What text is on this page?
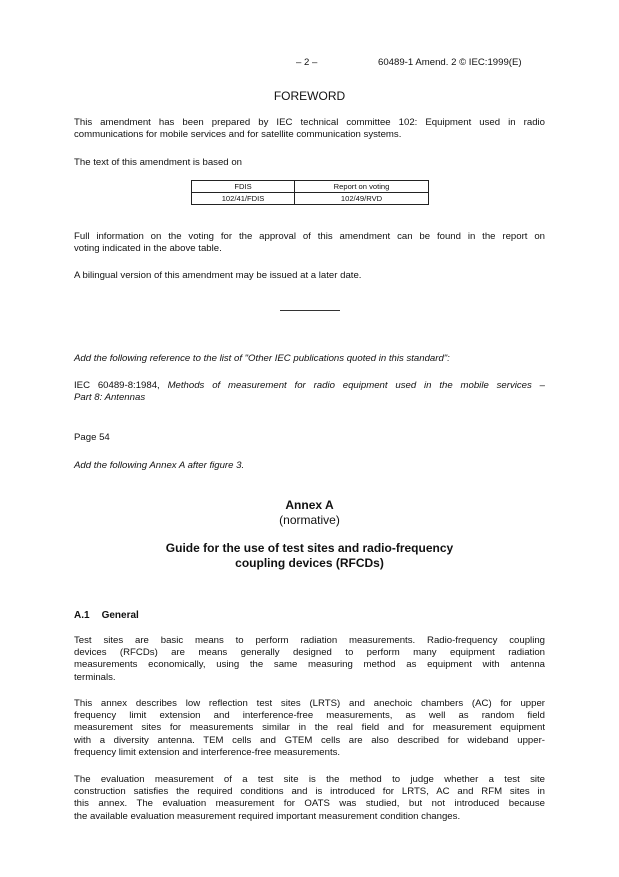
– 2 –	60489-1 Amend. 2 © IEC:1999(E)
FOREWORD
This amendment has been prepared by IEC technical committee 102: Equipment used in radio
communications for mobile services and for satellite communication systems.
The text of this amendment is based on
FDIS	Report on voting
102/41/FDIS	102/49/RVD
Full information on the voting for the approval of this amendment can be found in the report on
voting indicated in the above table.
A bilingual version of this amendment may be issued at a later date.
Add the following reference to the list of "Other IEC publications quoted in this standard":
IEC 60489-8:1984, Methods of measurement for radio equipment used in the mobile services –
Part 8: Antennas
Page 54
Add the following Annex A after figure 3.
Annex A
(normative)
Guide for the use of test sites and radio-frequency
coupling devices (RFCDs)
A.1 General
Test sites are basic means to perform radiation measurements. Radio-frequency coupling
devices (RFCDs) are means generally designed to perform many equipment radiation
measurements economically, using the same measuring method as equipment with antenna
terminals.
This annex describes low reflection test sites (LRTS) and anechoic chambers (AC) for upper
frequency limit extension and interference-free measurements, as well as random field
measurement sites for measurements similar in the real field and for measurement equipment
with a diversity antenna. TEM cells and GTEM cells are also described for wideband upper-
frequency limit extension and interference-free measurements.
The evaluation measurement of a test site is the method to judge whether a test site
construction satisfies the required conditions and is introduced for LRTS, AC and RFM sites in
this annex. The evaluation measurement for OATS was studied, but not introduced because
the available evaluation measurement required important measurement condition changes.
